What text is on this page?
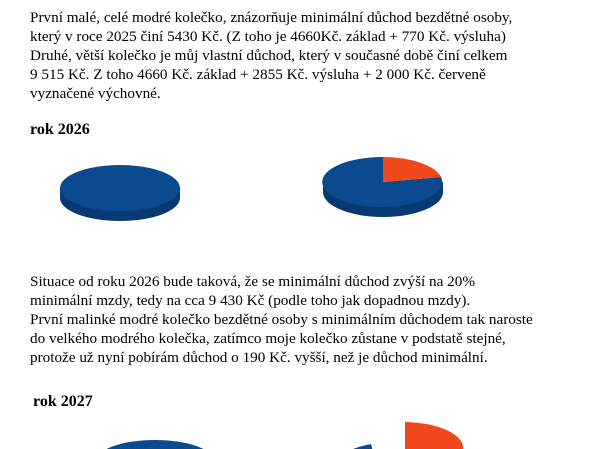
První malé, celé modré kolečko, znázorňuje minimální důchod bezdětné osoby,
který v roce 2025 činí 5430 Kč. (Z toho je 4660Kč. základ + 770 Kč. výsluha)
Druhé, větší kolečko je můj vlastní důchod, který v současné době činí celkem
9 515 Kč. Z toho 4660 Kč. základ + 2855 Kč. výsluha + 2 000 Kč. červeně
vyznačené výchovné.
rok 2026
Situace od roku 2026 bude taková, že se minimální důchod zvýší na 20%
minimální mzdy, tedy na cca 9 430 Kč (podle toho jak dopadnou mzdy).
První malinké modré kolečko bezdětné osoby s minimálním důchodem tak naroste
do velkého modrého kolečka, zatímco moje kolečko zůstane v podstatě stejné,
protože už nyní pobírám důchod o 190 Kč. vyšší, než je důchod minimální.
rok 2027
